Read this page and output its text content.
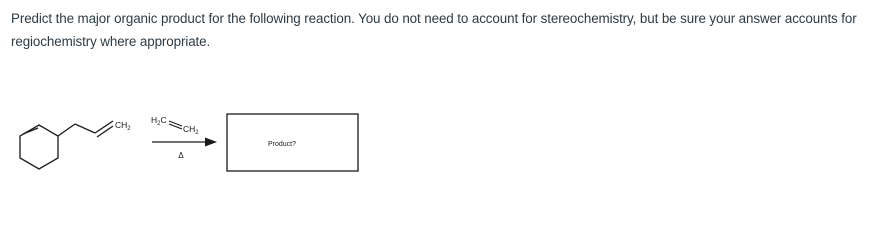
Predict the major organic product for the following reaction. You do not need to account for stereochemistry, but be sure your answer accounts for regiochemistry where appropriate.
$CH_2$
$H_2C$
$CH_2$
Δ
Product?
